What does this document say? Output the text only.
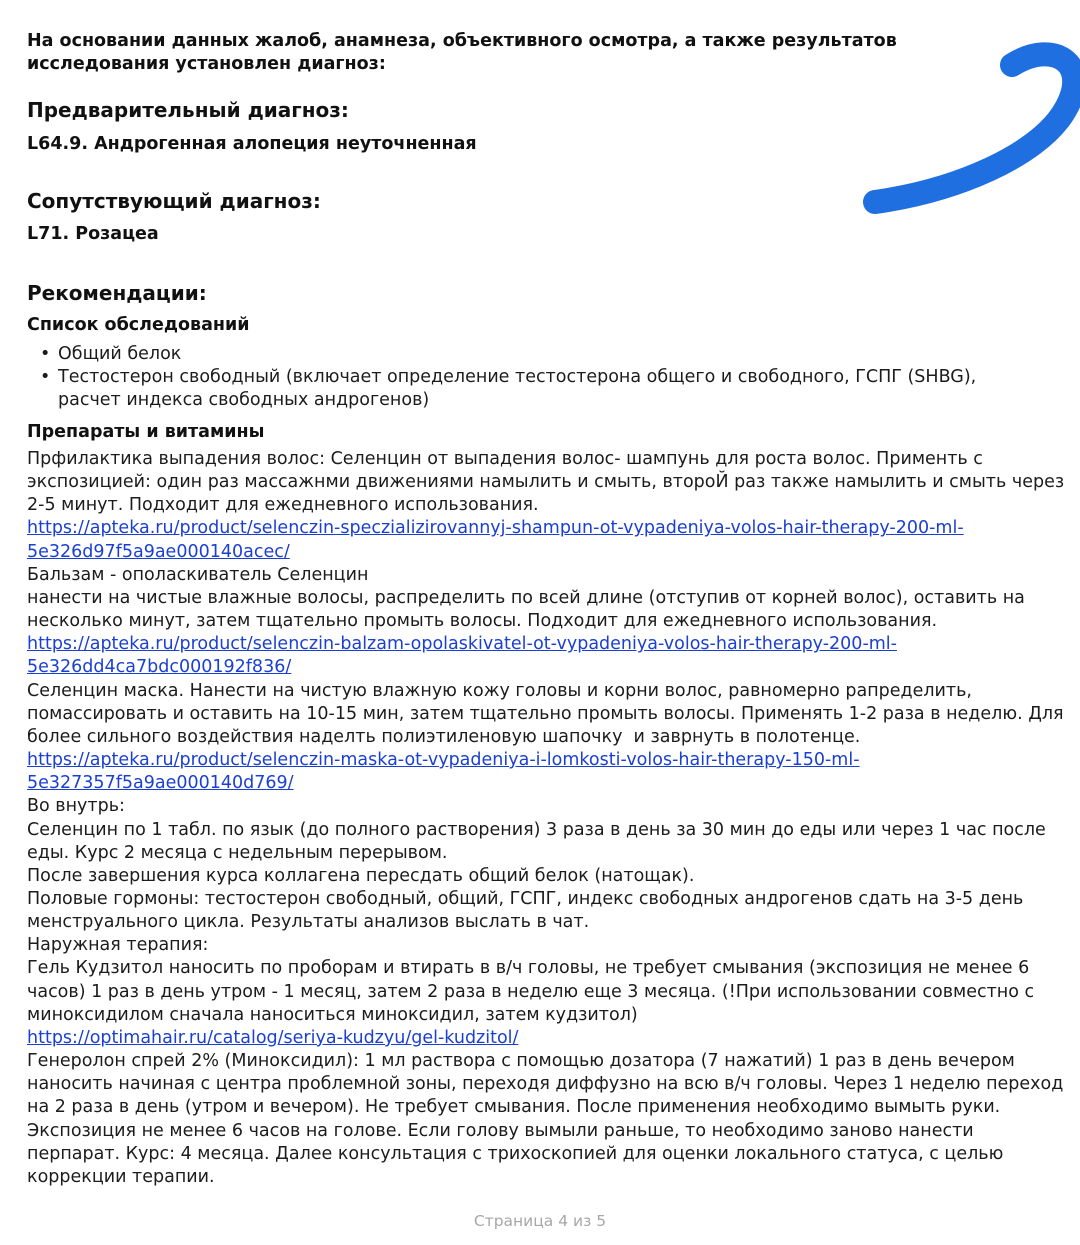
На основании данных жалоб, анамнеза, объективного осмотра, а также результатов исследования установлен диагноз:
Предварительный диагноз:
L64.9. Андрогенная алопеция неуточненная
Сопутствующий диагноз:
L71. Розацеа
Рекомендации:
Список обследований
• Общий белок
• Тестостерон свободный (включает определение тестостерона общего и свободного, ГСПГ (SHBG), расчет индекса свободных андрогенов)
Препараты и витамины
Прфилактика выпадения волос: Селенцин от выпадения волос- шампунь для роста волос. Применть с экспозицией: один раз массажнми движениями намылить и смыть, второЙ раз также намылить и смыть через 2-5 минут. Подходит для ежедневного использования.
https://apteka.ru/product/selenczin-speczializirovannyj-shampun-ot-vypadeniya-volos-hair-therapy-200-ml-5e326d97f5a9ae000140acec/
Бальзам - ополаскиватель Селенцин
нанести на чистые влажные волосы, распределить по всей длине (отступив от корней волос), оставить на несколько минут, затем тщательно промыть волосы. Подходит для ежедневного использования.
https://apteka.ru/product/selenczin-balzam-opolaskivatel-ot-vypadeniya-volos-hair-therapy-200-ml-5e326dd4ca7bdc000192f836/
Селенцин маска. Нанести на чистую влажную кожу головы и корни волос, равномерно рапределить, помассировать и оставить на 10-15 мин, затем тщательно промыть волосы. Применять 1-2 раза в неделю. Для более сильного воздействия наделть полиэтиленовую шапочку  и заврнуть в полотенце.
https://apteka.ru/product/selenczin-maska-ot-vypadeniya-i-lomkosti-volos-hair-therapy-150-ml-5e327357f5a9ae000140d769/
Во внутрь:
Селенцин по 1 табл. по язык (до полного растворения) 3 раза в день за 30 мин до еды или через 1 час после еды. Курс 2 месяца с недельным перерывом.
После завершения курса коллагена пересдать общий белок (натощак).
Половые гормоны: тестостерон свободный, общий, ГСПГ, индекс свободных андрогенов сдать на 3-5 день менструального цикла. Результаты анализов выслать в чат.
Наружная терапия:
Гель Кудзитол наносить по проборам и втирать в в/ч головы, не требует смывания (экспозиция не менее 6 часов) 1 раз в день утром - 1 месяц, затем 2 раза в неделю еще 3 месяца. (!При использовании совместно с миноксидилом сначала наноситься миноксидил, затем кудзитол)
https://optimahair.ru/catalog/seriya-kudzyu/gel-kudzitol/
Генеролон спрей 2% (Миноксидил): 1 мл раствора с помощью дозатора (7 нажатий) 1 раз в день вечером наносить начиная с центра проблемной зоны, переходя диффузно на всю в/ч головы. Через 1 неделю переход на 2 раза в день (утром и вечером). Не требует смывания. После применения необходимо вымыть руки. Экспозиция не менее 6 часов на голове. Если голову вымыли раньше, то необходимо заново нанести перпарат. Курс: 4 месяца. Далее консультация с трихоскопией для оценки локального статуса, с целью коррекции терапии.
Страница 4 из 5
